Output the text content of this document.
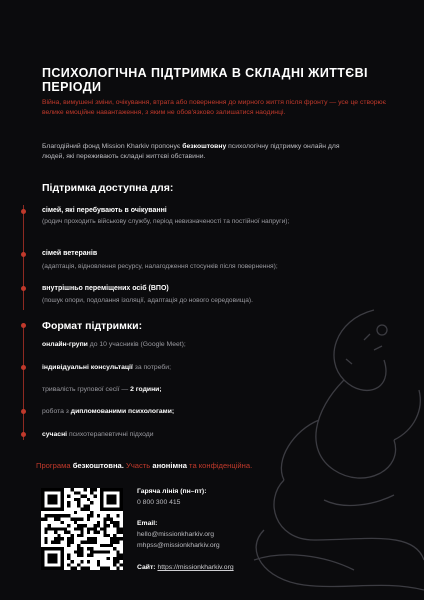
ПСИХОЛОГІЧНА ПІДТРИМКА В СКЛАДНІ ЖИТТЄВІ ПЕРІОДИ
Війна, вимушені зміни, очікування, втрата або повернення до мирного життя після фронту — усе це створює велике емоційне навантаження, з яким не обов'язково залишатися наодинці.
Благодійний фонд Mission Kharkiv пропонує безкоштовну психологічну підтримку онлайн для людей, які переживають складні життєві обставини.
Підтримка доступна для:
сімей, які перебувають в очікуванні
(родич проходить військову службу, період невизначеності та постійної напруги);
сімей ветеранів
(адаптація, відновлення ресурсу, налагодження стосунків після повернення);
внутрішньо переміщених осіб (ВПО)
(пошук опори, подолання ізоляції, адаптація до нового середовища).
Формат підтримки:
онлайн-групи до 10 учасників (Google Meet);
індивідуальні консультації за потреби;
тривалість групової сесії — 2 години;
робота з дипломованими психологами;
сучасні психотерапевтичні підходи
Програма безкоштовна. Участь анонімна та конфіденційна.
Гаряча лінія (пн–пт):
0 800 300 415
Email:
hello@missionkharkiv.org
mhpss@missionkharkiv.org
Сайт: https://missionkharkiv.org
